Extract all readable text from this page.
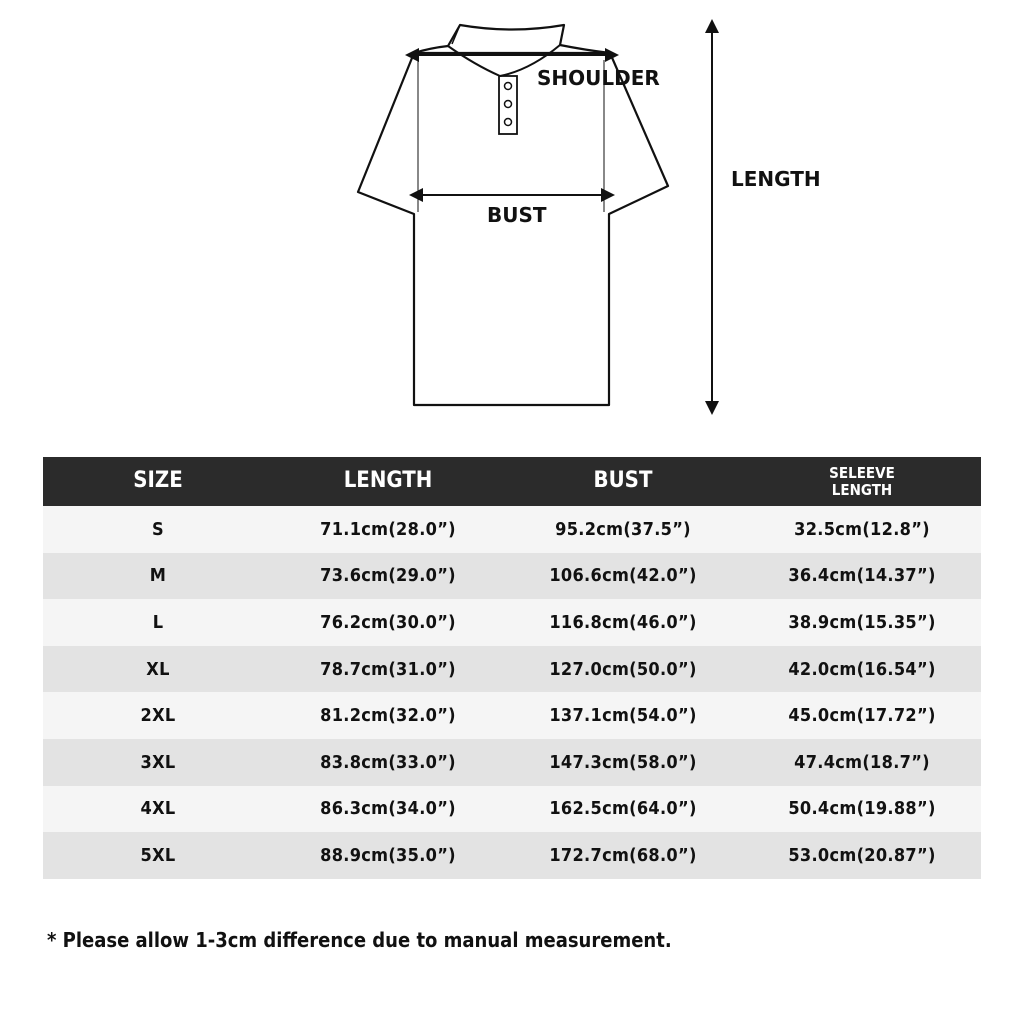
SHOULDER
BUST
LENGTH
SIZE	LENGTH	BUST	SELEEVE
LENGTH
S	71.1cm(28.0”)	95.2cm(37.5”)	32.5cm(12.8”)
M	73.6cm(29.0”)	106.6cm(42.0”)	36.4cm(14.37”)
L	76.2cm(30.0”)	116.8cm(46.0”)	38.9cm(15.35”)
XL	78.7cm(31.0”)	127.0cm(50.0”)	42.0cm(16.54”)
2XL	81.2cm(32.0”)	137.1cm(54.0”)	45.0cm(17.72”)
3XL	83.8cm(33.0”)	147.3cm(58.0”)	47.4cm(18.7”)
4XL	86.3cm(34.0”)	162.5cm(64.0”)	50.4cm(19.88”)
5XL	88.9cm(35.0”)	172.7cm(68.0”)	53.0cm(20.87”)
* Please allow 1-3cm difference due to manual measurement.
